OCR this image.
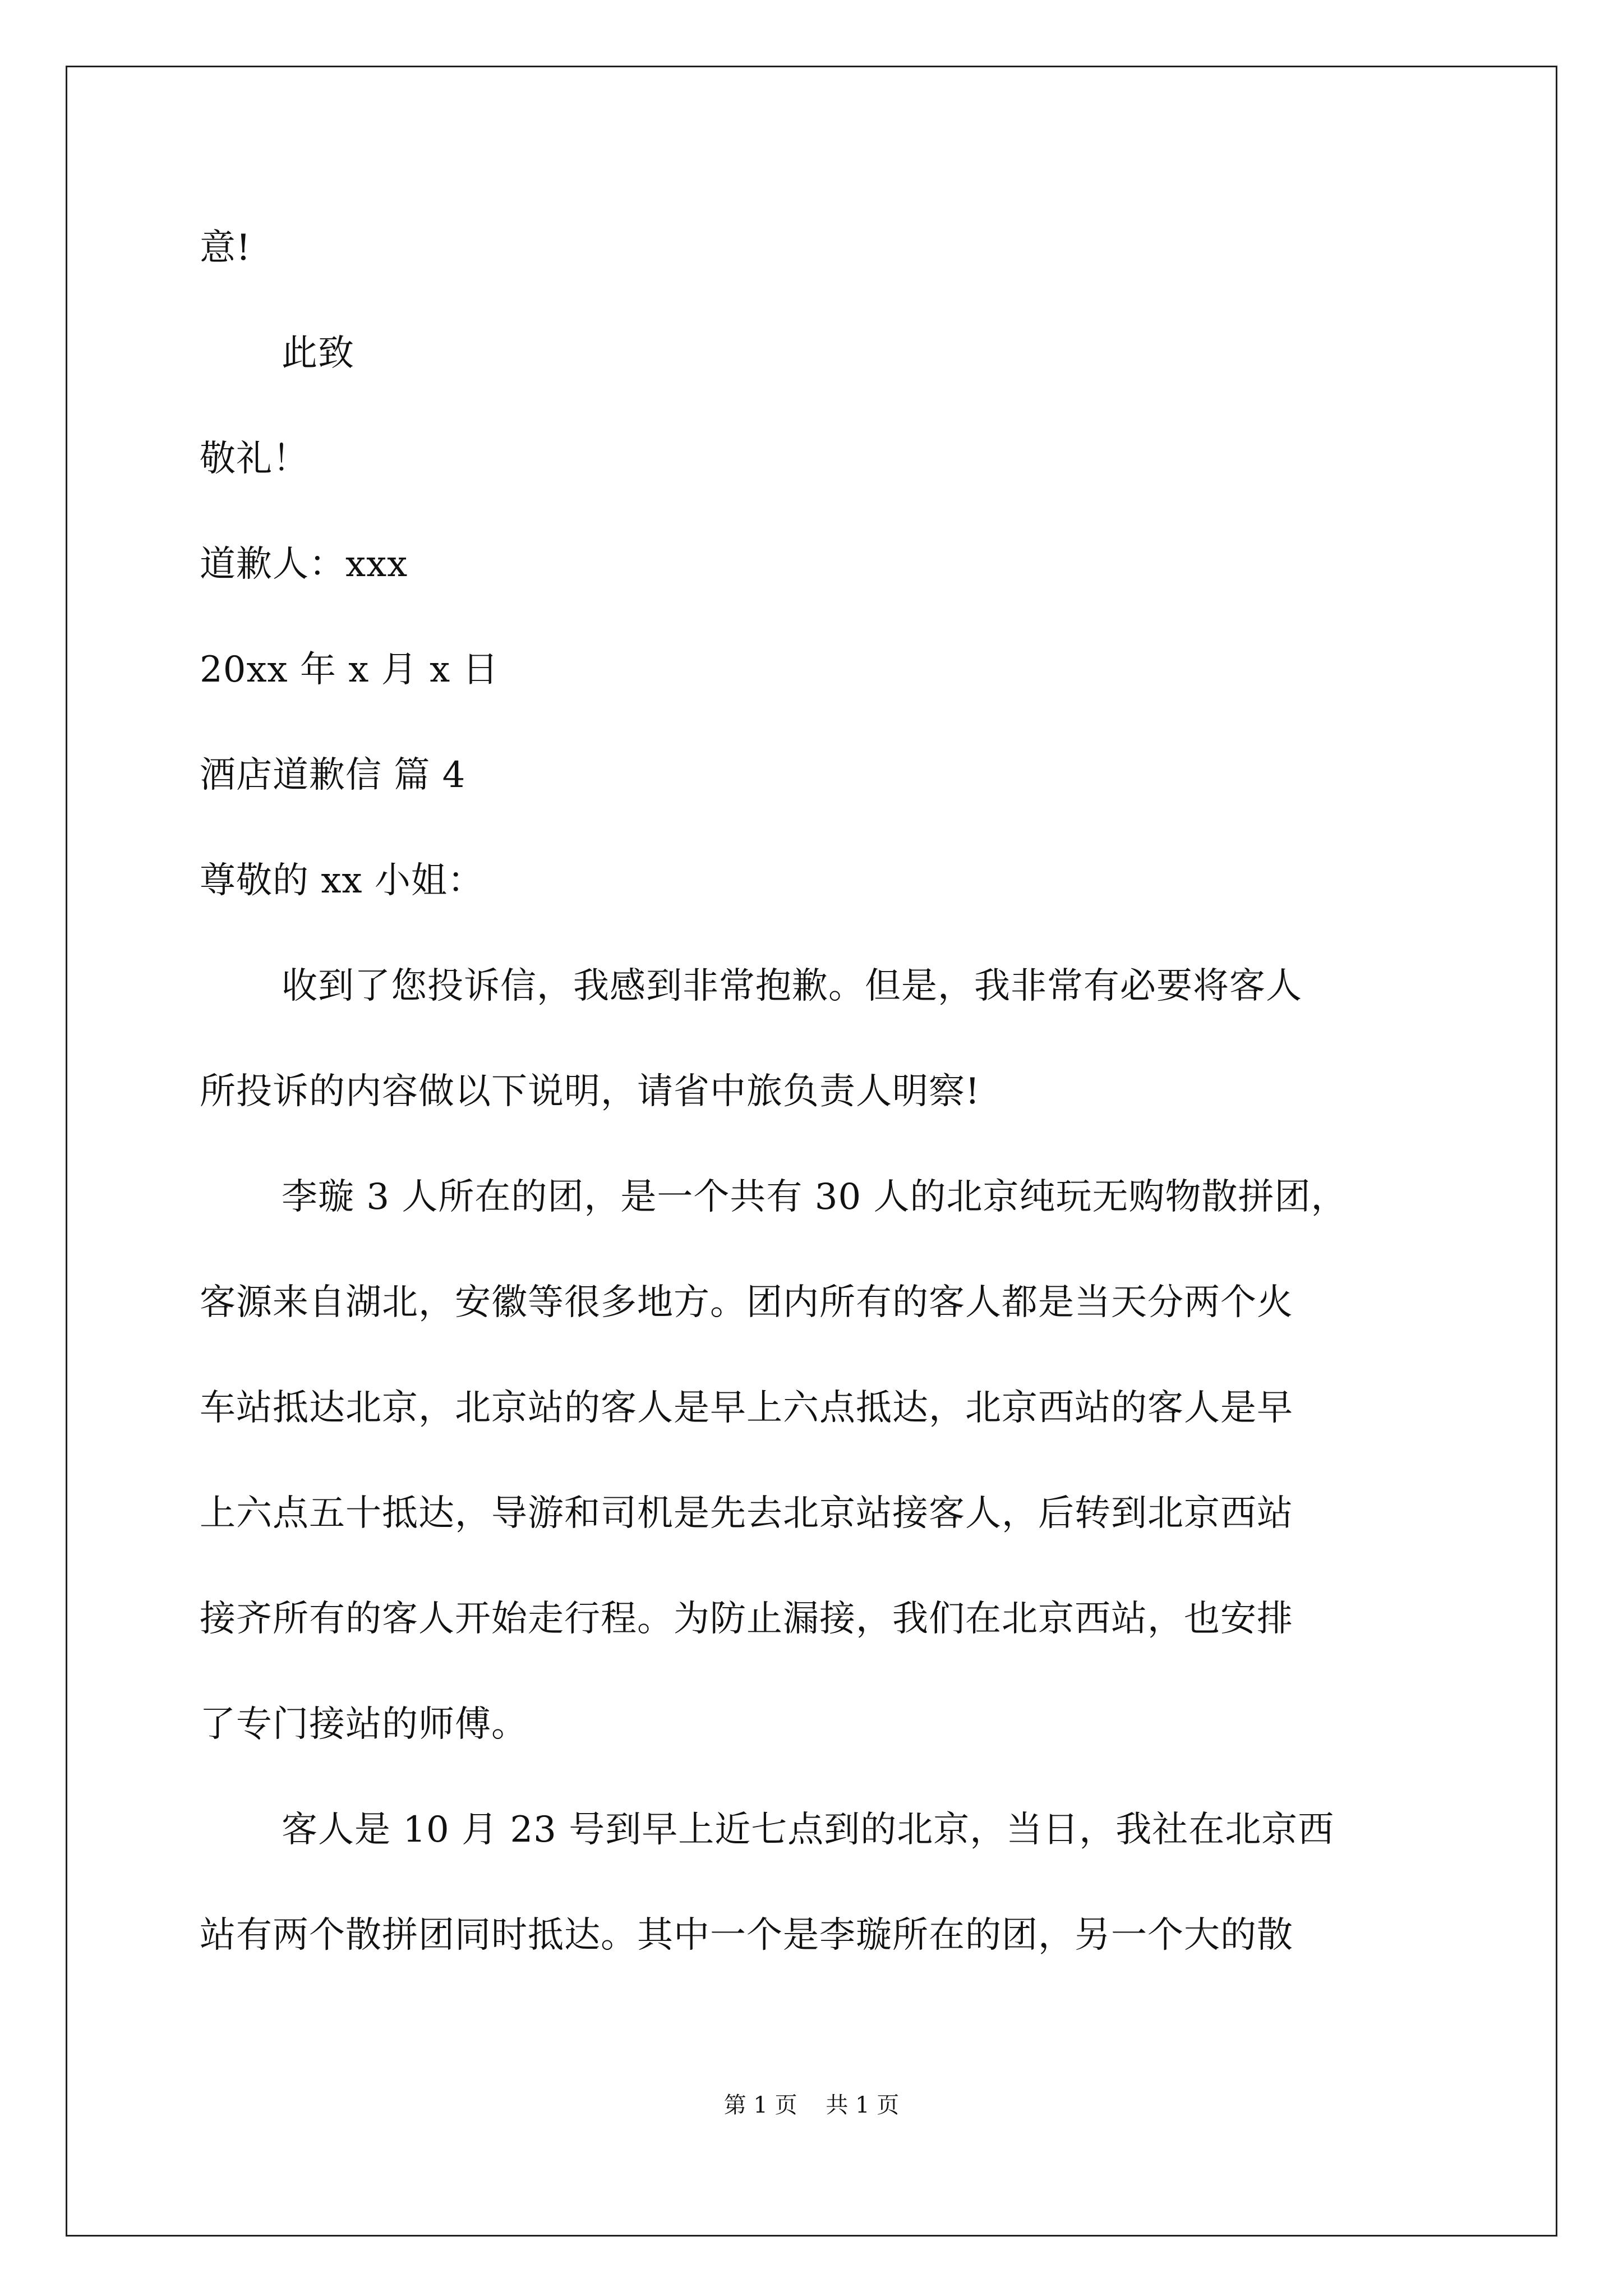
意!
此致
敬礼！
道歉人：xxx
20xx 年 x 月 x 日
酒店道歉信 篇 4
尊敬的 xx 小姐：
收到了您投诉信，我感到非常抱歉。但是，我非常有必要将客人
所投诉的内容做以下说明，请省中旅负责人明察!
李璇 3 人所在的团，是一个共有 30 人的北京纯玩无购物散拼团，
客源来自湖北，安徽等很多地方。团内所有的客人都是当天分两个火
车站抵达北京，北京站的客人是早上六点抵达，北京西站的客人是早
上六点五十抵达，导游和司机是先去北京站接客人，后转到北京西站
接齐所有的客人开始走行程。为防止漏接，我们在北京西站，也安排
了专门接站的师傅。
客人是 10 月 23 号到早上近七点到的北京，当日，我社在北京西
站有两个散拼团同时抵达。其中一个是李璇所在的团，另一个大的散
第 1 页    共 1 页
